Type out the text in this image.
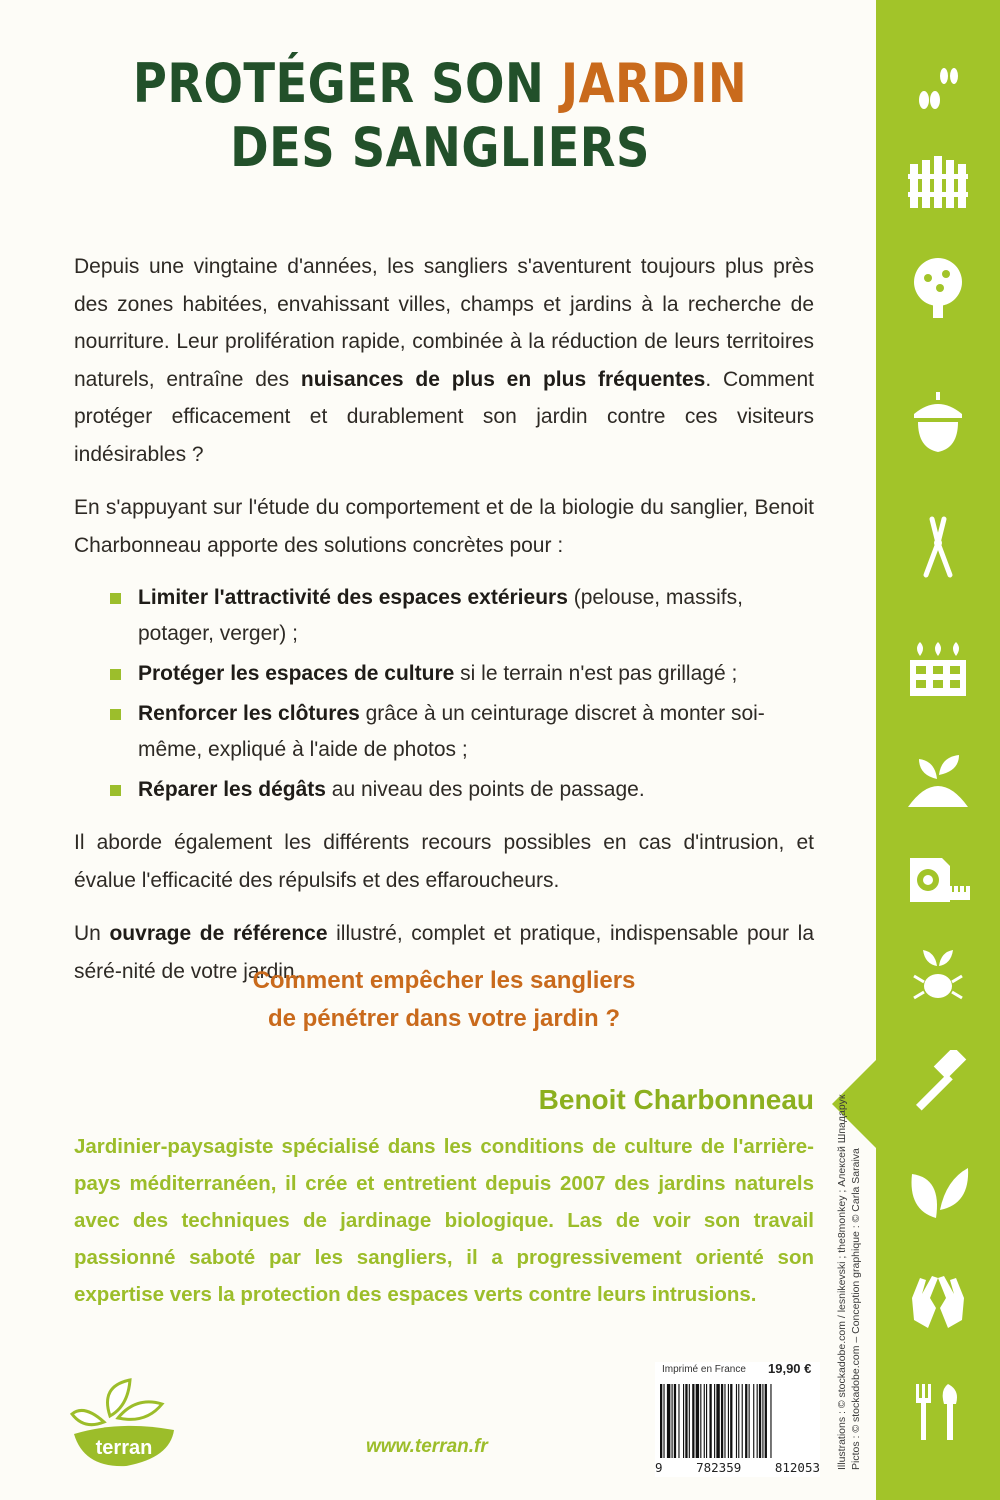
PROTÉGER SON JARDIN
DES SANGLIERS

Depuis une vingtaine d'années, les sangliers s'aventurent toujours plus près des zones habitées, envahissant villes, champs et jardins à la recherche de nourriture. Leur prolifération rapide, combinée à la réduction de leurs territoires naturels, entraîne des nuisances de plus en plus fréquentes. Comment protéger efficacement et durablement son jardin contre ces visiteurs indésirables ?

En s'appuyant sur l'étude du comportement et de la biologie du sanglier, Benoit Charbonneau apporte des solutions concrètes pour :

Limiter l'attractivité des espaces extérieurs (pelouse, massifs, potager, verger) ;
Protéger les espaces de culture si le terrain n'est pas grillagé ;
Renforcer les clôtures grâce à un ceinturage discret à monter soi-même, expliqué à l'aide de photos ;
Réparer les dégâts au niveau des points de passage.

Il aborde également les différents recours possibles en cas d'intrusion, et évalue l'efficacité des répulsifs et des effaroucheurs.

Un ouvrage de référence illustré, complet et pratique, indispensable pour la séré-nité de votre jardin.

Comment empêcher les sangliers
de pénétrer dans votre jardin ?
Benoit Charbonneau
Jardinier-paysagiste spécialisé dans les conditions de culture de l'arrière-pays méditerranéen, il crée et entretient depuis 2007 des jardins naturels avec des techniques de jardinage biologique. Las de voir son travail passionné saboté par les sangliers, il a progressivement orienté son expertise vers la protection des espaces verts contre leurs intrusions.	Illustrations : © stockadobe.com / lesnikevski ; the8monkey ; Алексей Шпадарук Pictos : © stockadobe.com – Conception graphique : © Carla Saraiva
Imprimé en France 19,90 €
9	782359	812053
www.terran.fr
terran
